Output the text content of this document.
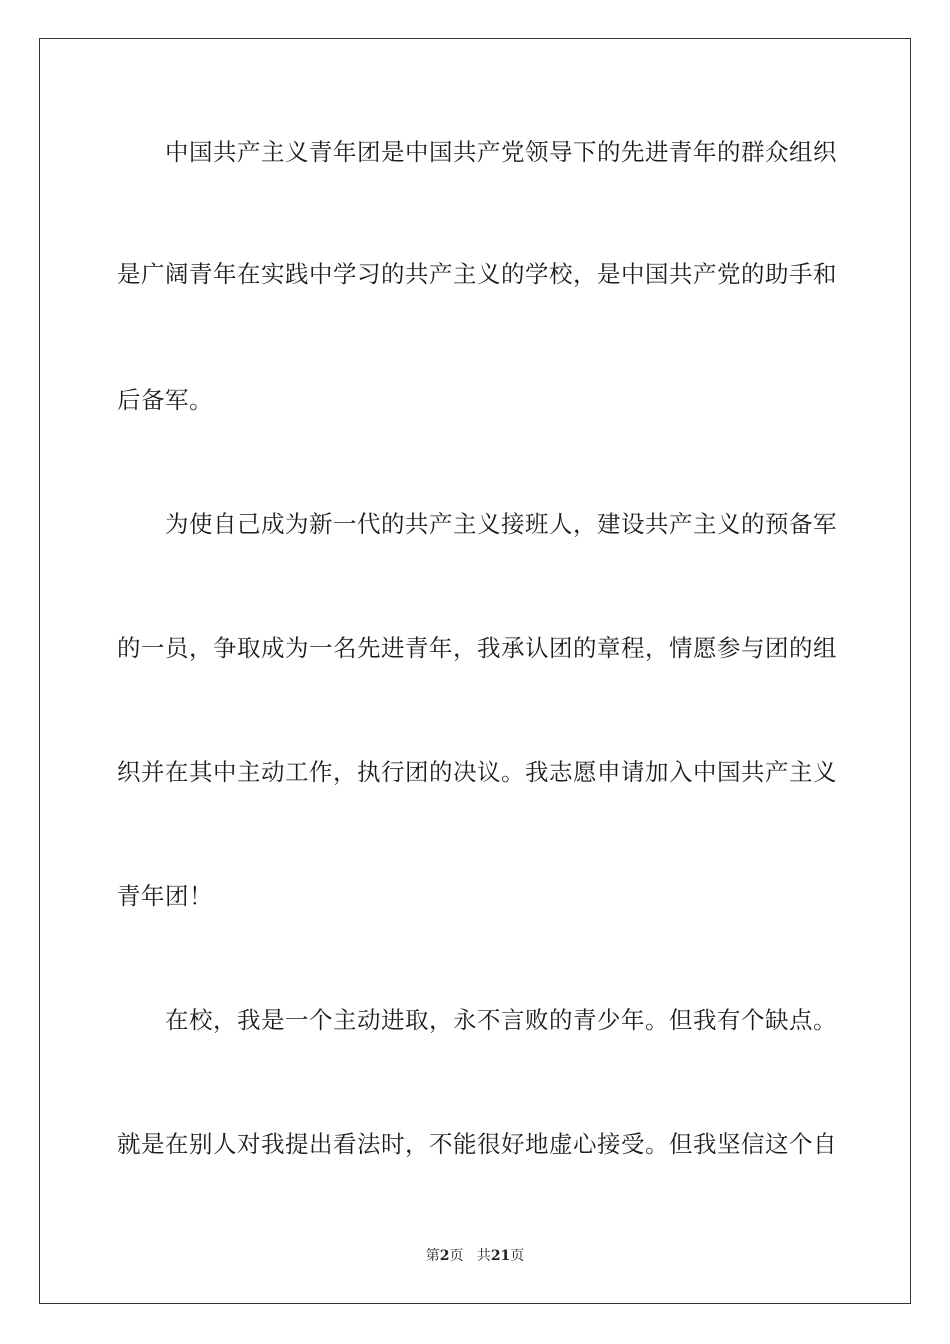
中国共产主义青年团是中国共产党领导下的先进青年的群众组织
是广阔青年在实践中学习的共产主义的学校，是中国共产党的助手和
后备军。
为使自己成为新一代的共产主义接班人，建设共产主义的预备军
的一员，争取成为一名先进青年，我承认团的章程，情愿参与团的组
织并在其中主动工作，执行团的决议。我志愿申请加入中国共产主义
青年团！
在校，我是一个主动进取，永不言败的青少年。但我有个缺点。
就是在别人对我提出看法时，不能很好地虚心接受。但我坚信这个自
第2页 共21页
